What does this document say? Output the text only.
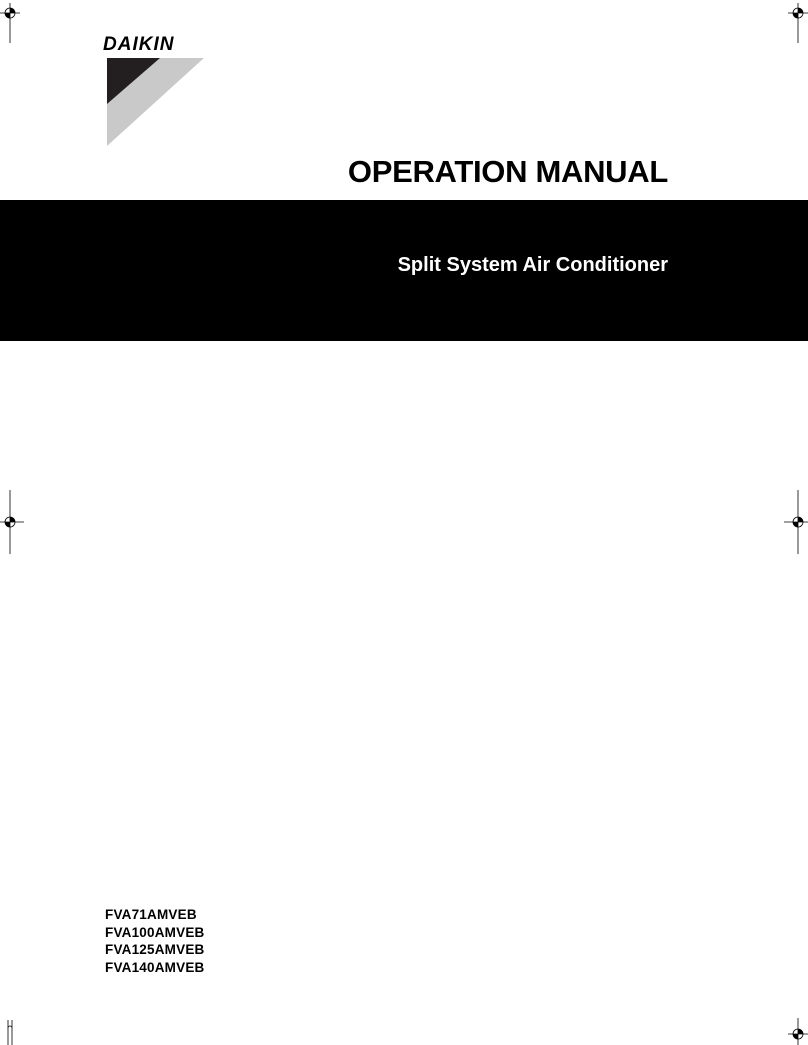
DAIKIN
OPERATION MANUAL
Split System Air Conditioner
FVA71AMVEB
FVA100AMVEB
FVA125AMVEB
FVA140AMVEB
